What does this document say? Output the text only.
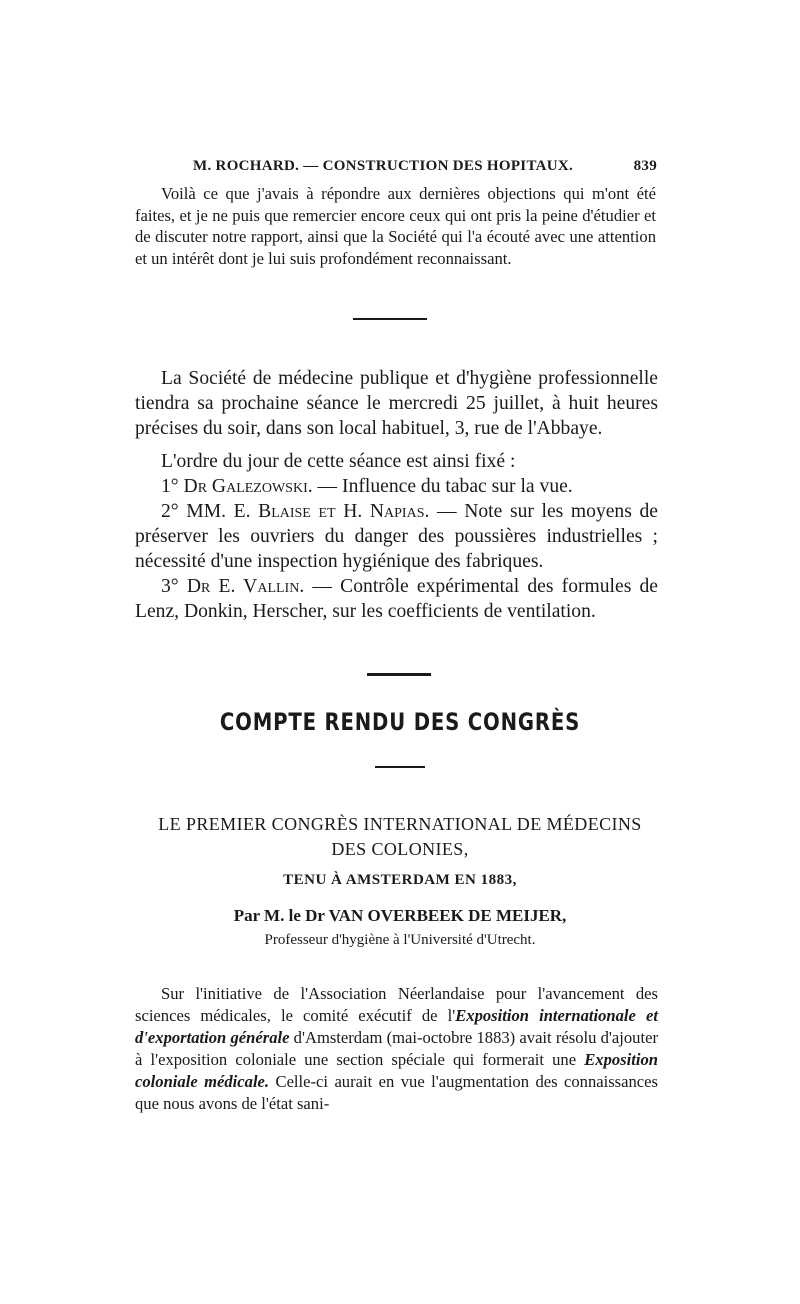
M. ROCHARD. — CONSTRUCTION DES HOPITAUX.	839

Voilà ce que j'avais à répondre aux dernières objections qui m'ont été faites, et je ne puis que remercier encore ceux qui ont pris la peine d'étudier et de discuter notre rapport, ainsi que la Société qui l'a écouté avec une attention et un intérêt dont je lui suis profondément reconnaissant.

La Société de médecine publique et d'hygiène professionnelle tiendra sa prochaine séance le mercredi 25 juillet, à huit heures précises du soir, dans son local habituel, 3, rue de l'Abbaye.

L'ordre du jour de cette séance est ainsi fixé :

1° Dr Galezowski. — Influence du tabac sur la vue.

2° MM. E. Blaise et H. Napias. — Note sur les moyens de préserver les ouvriers du danger des poussières industrielles ; nécessité d'une inspection hygiénique des fabriques.

3° Dr E. Vallin. — Contrôle expérimental des formules de Lenz, Donkin, Herscher, sur les coefficients de ventilation.

COMPTE RENDU DES CONGRÈS
LE PREMIER CONGRÈS INTERNATIONAL DE MÉDECINS
DES COLONIES,
TENU À AMSTERDAM EN 1883,
Par M. le Dr VAN OVERBEEK DE MEIJER,
Professeur d'hygiène à l'Université d'Utrecht.

Sur l'initiative de l'Association Néerlandaise pour l'avancement des sciences médicales, le comité exécutif de l'Exposition internationale et d'exportation générale d'Amsterdam (mai-octobre 1883) avait résolu d'ajouter à l'exposition coloniale une section spéciale qui formerait une Exposition coloniale médicale. Celle-ci aurait en vue l'augmentation des connaissances que nous avons de l'état sani-
